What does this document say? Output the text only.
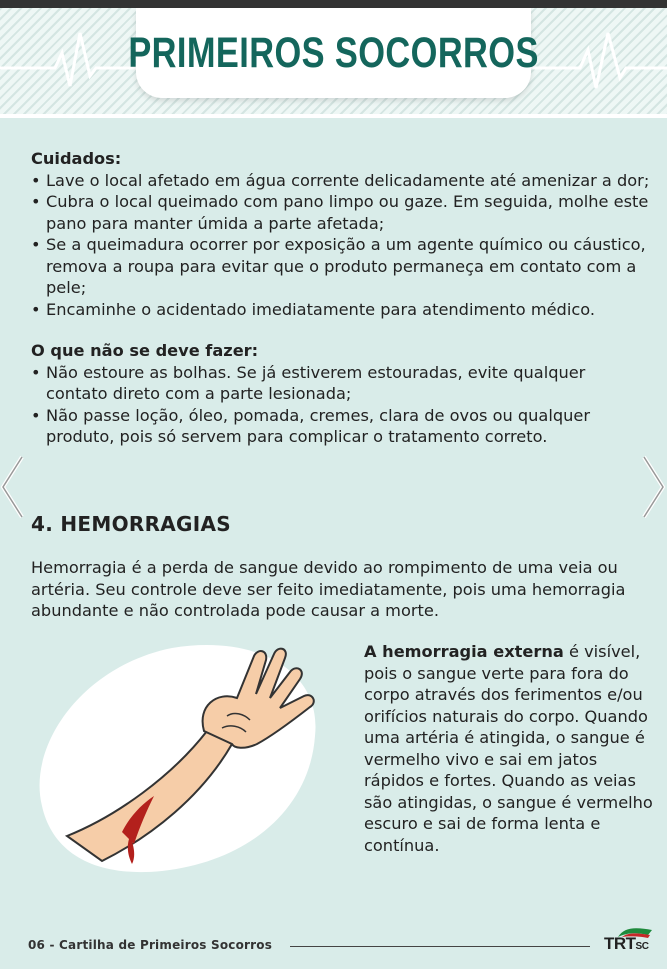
PRIMEIROS SOCORROS
Cuidados:
• Lave o local afetado em água corrente delicadamente até amenizar a dor;
• Cubra o local queimado com pano limpo ou gaze. Em seguida, molhe este pano para manter úmida a parte afetada;
• Se a queimadura ocorrer por exposição a um agente químico ou cáustico, remova a roupa para evitar que o produto permaneça em contato com a pele;
• Encaminhe o acidentado imediatamente para atendimento médico.
O que não se deve fazer:
• Não estoure as bolhas. Se já estiverem estouradas, evite qualquer contato direto com a parte lesionada;
• Não passe loção, óleo, pomada, cremes, clara de ovos ou qualquer produto, pois só servem para complicar o tratamento correto.
4. HEMORRAGIAS

Hemorragia é a perda de sangue devido ao rompimento de uma veia ou artéria. Seu controle deve ser feito imediatamente, pois uma hemorragia abundante e não controlada pode causar a morte.

A hemorragia externa é visível, pois o sangue verte para fora do corpo através dos ferimentos e/ou orifícios naturais do corpo. Quando uma artéria é atingida, o sangue é vermelho vivo e sai em jatos rápidos e fortes. Quando as veias são atingidas, o sangue é vermelho escuro e sai de forma lenta e contínua.

06 - Cartilha de Primeiros Socorros	TRTSC
